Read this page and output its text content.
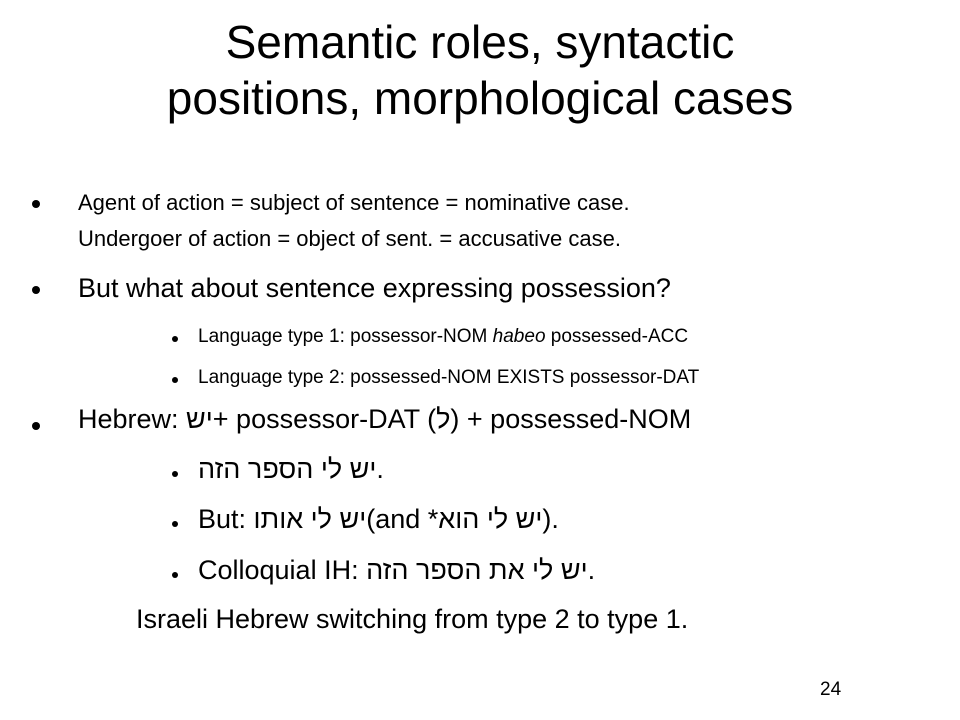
Semantic roles, syntactic
positions, morphological cases
Agent of action = subject of sentence = nominative case.
Undergoer of action = object of sent. = accusative case.
But what about sentence expressing possession?
Language type 1: possessor-NOM habeo possessed-ACC
Language type 2: possessed-NOM EXISTS possessor-DAT
Hebrew: יש+ possessor-DAT (ל) + possessed-NOM
יש לי הספר הזה.
But: יש לי אותו(and *יש לי הוא).
Colloquial IH: יש לי את הספר הזה.
Israeli Hebrew switching from type 2 to type 1.
24
